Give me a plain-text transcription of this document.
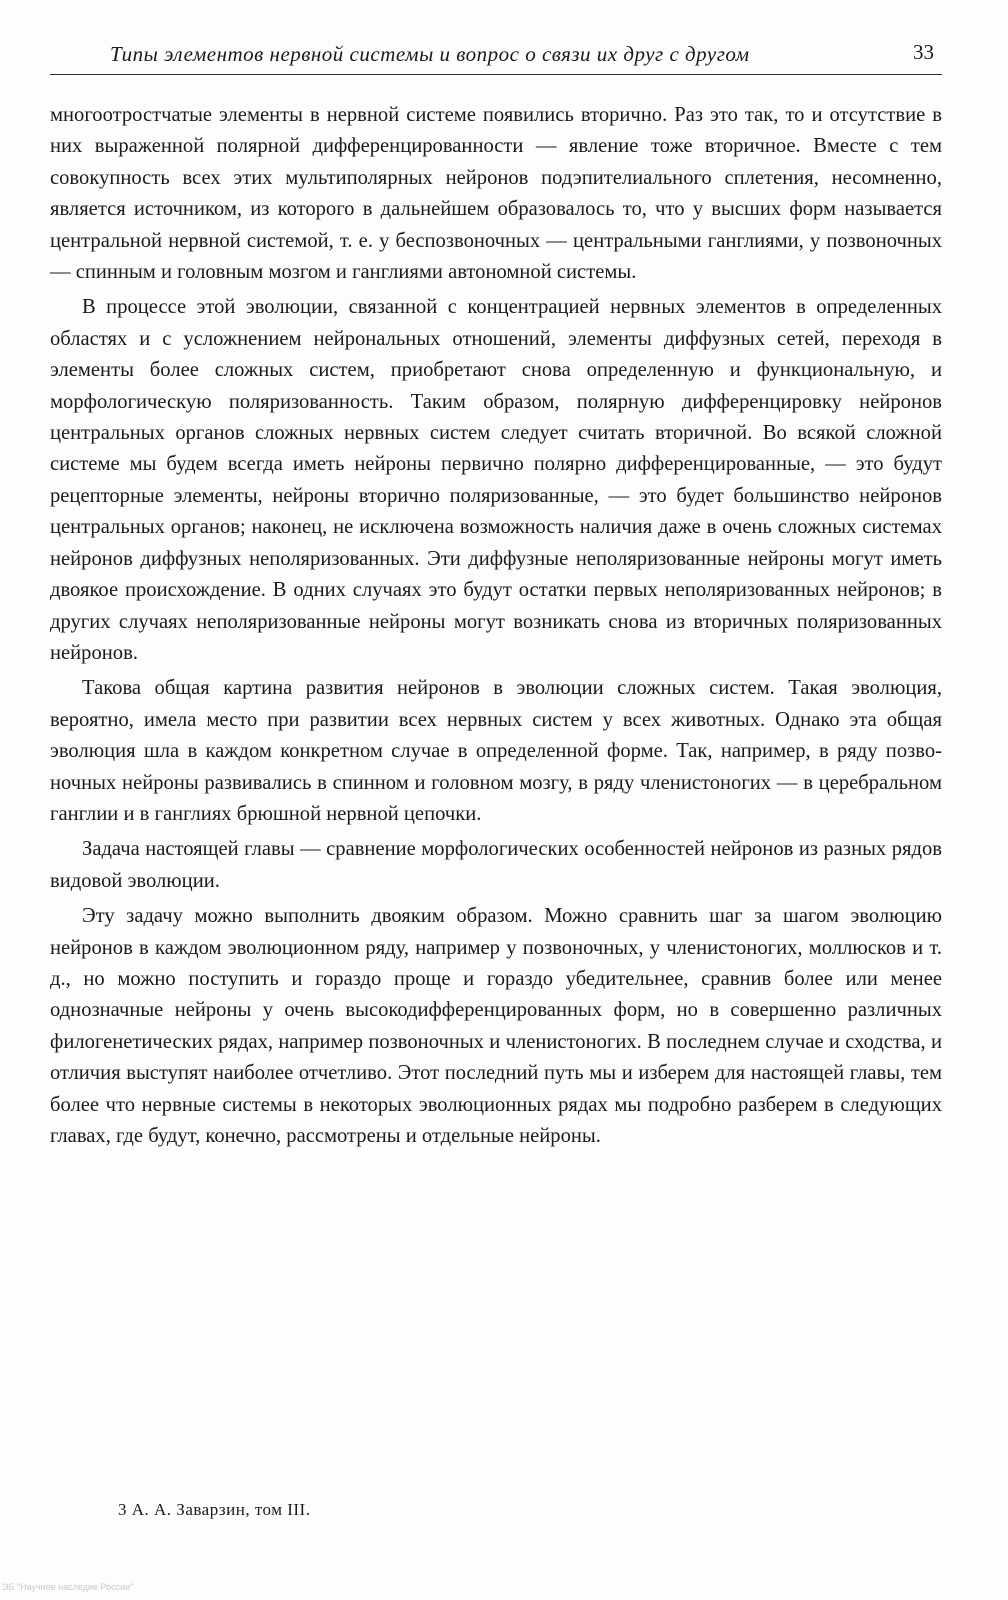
Типы элементов нервной системы и вопрос о связи их друг с другом	33

многоотростчатые элементы в нервной системе появились вторично. Раз это так, то и отсутствие в них выраженной полярной дифференцированности — явление тоже вторичное. Вместе с тем совокупность всех этих мультиполярных нейронов подэпителиального сплетения, несомненно, является источником, из которого в дальнейшем образовалось то, что у высших форм называется центральной нервной системой, т. е. у беспозвоночных — центральными ганглиями, у позвоночных — спинным и головным мозгом и ганглиями автономной системы.

В процессе этой эволюции, связанной с концентрацией нервных элементов в определенных областях и с усложнением нейрональных отношений, элементы диффузных сетей, переходя в элементы более сложных систем, приобретают снова определенную и функциональную, и морфологическую поляризованность. Таким образом, полярную дифференцировку нейронов центральных органов сложных нервных систем следует считать вторичной. Во всякой сложной системе мы будем всегда иметь нейроны первично полярно дифференцированные, — это будут рецепторные элементы, нейроны вторично поляризованные, — это будет большинство нейронов центральных органов; наконец, не исключена возможность наличия даже в очень сложных системах нейронов диффузных неполяризованных. Эти диффузные неполяризованные нейроны могут иметь двоякое происхождение. В одних случаях это будут остатки первых неполяризованных нейронов; в других случаях неполяризованные нейроны могут возникать снова из вторичных поляризованных нейронов.

Такова общая картина развития нейронов в эволюции сложных систем. Такая эволюция, вероятно, имела место при развитии всех нервных систем у всех животных. Однако эта общая эволюция шла в каждом конкретном случае в определенной форме. Так, например, в ряду позвоночных нейроны развивались в спинном и головном мозгу, в ряду членистоногих — в церебральном ганглии и в ганглиях брюшной нервной цепочки.

Задача настоящей главы — сравнение морфологических особенностей нейронов из разных рядов видовой эволюции.

Эту задачу можно выполнить двояким образом. Можно сравнить шаг за шагом эволюцию нейронов в каждом эволюционном ряду, например у позвоночных, у членистоногих, моллюсков и т. д., но можно поступить и гораздо проще и гораздо убедительнее, сравнив более или менее однозначные нейроны у очень высокодифференцированных форм, но в совершенно различных филогенетических рядах, например позвоночных и членистоногих. В последнем случае и сходства, и отличия выступят наиболее отчетливо. Этот последний путь мы и изберем для настоящей главы, тем более что нервные системы в некоторых эволюционных рядах мы подробно разберем в следующих главах, где будут, конечно, рассмотрены и отдельные нейроны.

3 А. А. Заварзин, том III.
ЭБ "Научное наследие России"
